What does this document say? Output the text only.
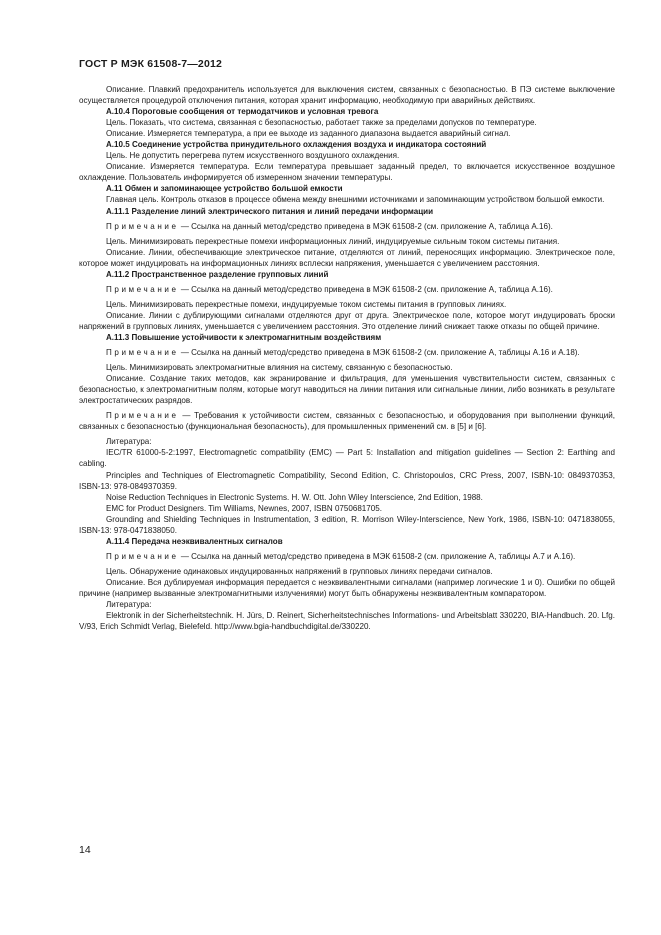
ГОСТ Р МЭК 61508-7—2012

Описание. Плавкий предохранитель используется для выключения систем, связанных с безопасностью. В ПЭ системе выключение осуществляется процедурой отключения питания, которая хранит информацию, необходимую при аварийных действиях.

А.10.4 Пороговые сообщения от термодатчиков и условная тревога

Цель. Показать, что система, связанная с безопасностью, работает также за пределами допусков по температуре.

Описание. Измеряется температура, а при ее выходе из заданного диапазона выдается аварийный сигнал.

А.10.5 Соединение устройства принудительного охлаждения воздуха и индикатора состояний

Цель. Не допустить перегрева путем искусственного воздушного охлаждения.

Описание. Измеряется температура. Если температура превышает заданный предел, то включается искусственное воздушное охлаждение. Пользователь информируется об измеренном значении температуры.

А.11 Обмен и запоминающее устройство большой емкости

Главная цель. Контроль отказов в процессе обмена между внешними источниками и запоминающим устройством большой емкости.

А.11.1 Разделение линий электрического питания и линий передачи информации

Примечание — Ссылка на данный метод/средство приведена в МЭК 61508-2 (см. приложение А, таблица А.16).

Цель. Минимизировать перекрестные помехи информационных линий, индуцируемые сильным током системы питания.

Описание. Линии, обеспечивающие электрическое питание, отделяются от линий, переносящих информацию. Электрическое поле, которое может индуцировать на информационных линиях всплески напряжения, уменьшается с увеличением расстояния.

А.11.2 Пространственное разделение групповых линий

Примечание — Ссылка на данный метод/средство приведена в МЭК 61508-2 (см. приложение А, таблица А.16).

Цель. Минимизировать перекрестные помехи, индуцируемые током системы питания в групповых линиях.

Описание. Линии с дублирующими сигналами отделяются друг от друга. Электрическое поле, которое могут индуцировать броски напряжений в групповых линиях, уменьшается с увеличением расстояния. Это отделение линий снижает также отказы по общей причине.

А.11.3 Повышение устойчивости к электромагнитным воздействиям

Примечание — Ссылка на данный метод/средство приведена в МЭК 61508-2 (см. приложение А, таблицы А.16 и А.18).

Цель. Минимизировать электромагнитные влияния на систему, связанную с безопасностью.

Описание. Создание таких методов, как экранирование и фильтрация, для уменьшения чувствительности систем, связанных с безопасностью, к электромагнитным полям, которые могут наводиться на линии питания или сигнальные линии, либо возникать в результате электростатических разрядов.

Примечание — Требования к устойчивости систем, связанных с безопасностью, и оборудования при выполнении функций, связанных с безопасностью (функциональная безопасность), для промышленных применений см. в [5] и [6].

Литература:

IEC/TR 61000-5-2:1997, Electromagnetic compatibility (EMC) — Part 5: Installation and mitigation guidelines — Section 2: Earthing and cabling.

Principles and Techniques of Electromagnetic Compatibility, Second Edition, C. Christopoulos, CRC Press, 2007, ISBN-10: 0849370353, ISBN-13: 978-0849370359.

Noise Reduction Techniques in Electronic Systems. H. W. Ott. John Wiley Interscience, 2nd Edition, 1988.

EMC for Product Designers. Tim Williams, Newnes, 2007, ISBN 0750681705.

Grounding and Shielding Techniques in Instrumentation, 3 edition, R. Morrison Wiley-Interscience, New York, 1986, ISBN-10: 0471838055, ISBN-13: 978-0471838050.

А.11.4 Передача неэквивалентных сигналов

Примечание — Ссылка на данный метод/средство приведена в МЭК 61508-2 (см. приложение А, таблицы А.7 и А.16).

Цель. Обнаружение одинаковых индуцированных напряжений в групповых линиях передачи сигналов.

Описание. Вся дублируемая информация передается с неэквивалентными сигналами (например логические 1 и 0). Ошибки по общей причине (например вызванные электромагнитными излучениями) могут быть обнаружены неэквивалентным компаратором.

Литература:

Elektronik in der Sicherheitstechnik. H. Jürs, D. Reinert, Sicherheitstechnisches Informations- und Arbeitsblatt 330220, BIA-Handbuch. 20. Lfg. V/93, Erich Schmidt Verlag, Bielefeld. http://www.bgia-handbuchdigital.de/330220.

14
